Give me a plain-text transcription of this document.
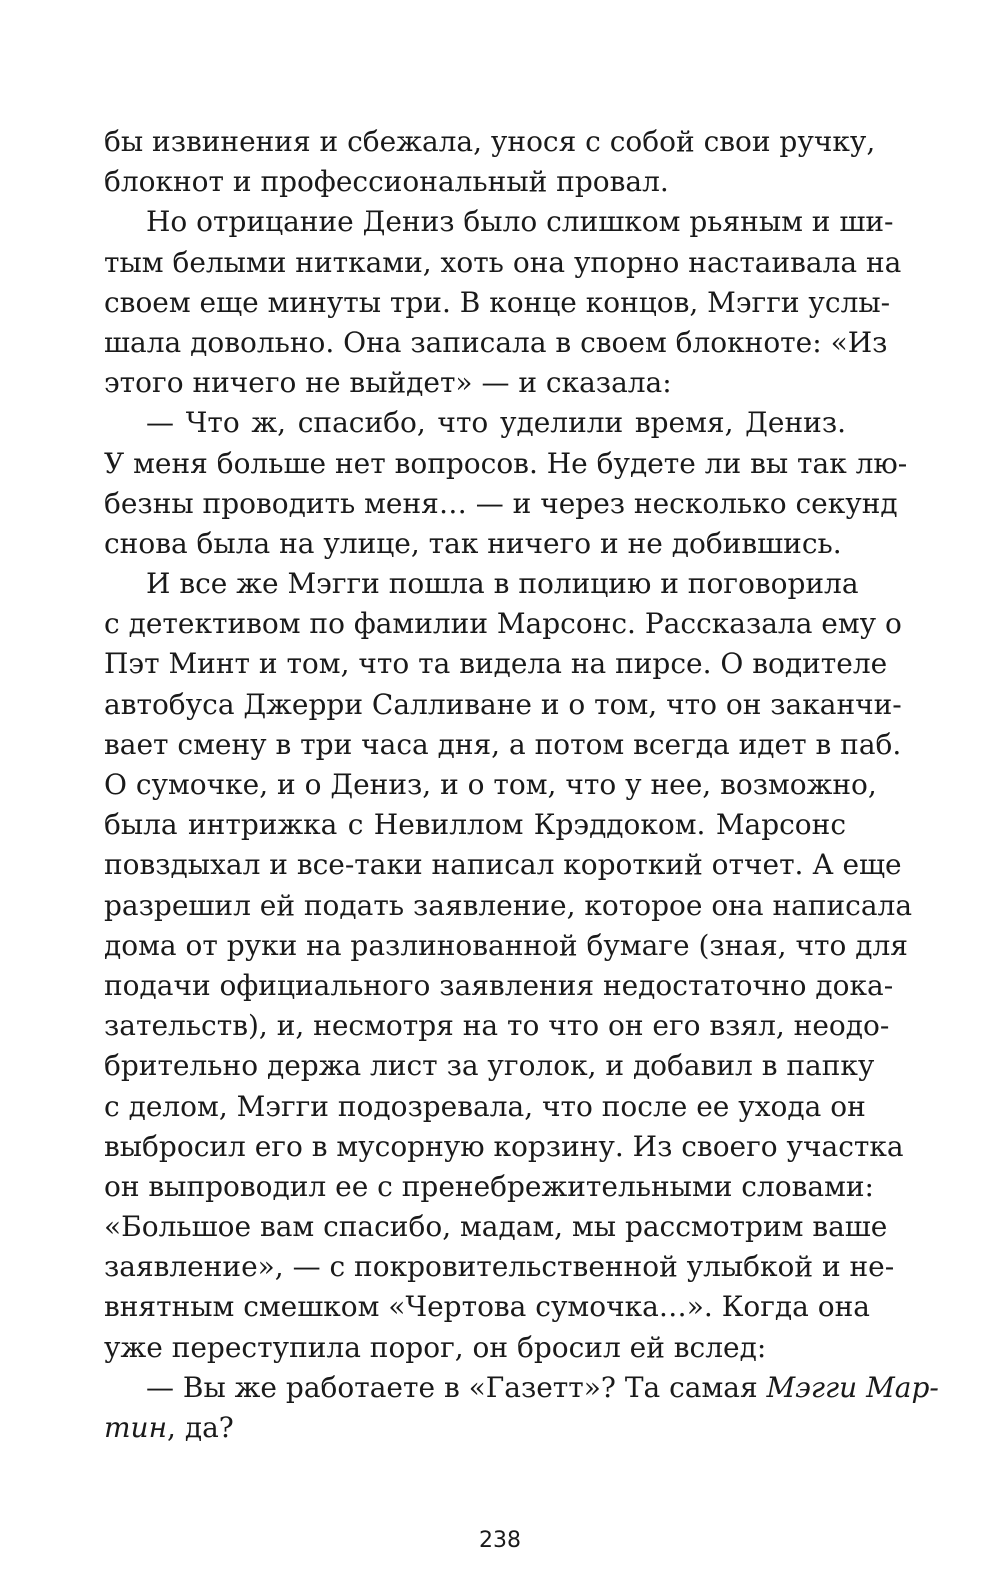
бы извинения и сбежала, унося с собой свои ручку,
блокнот и профессиональный провал.
Но отрицание Дениз было слишком рьяным и ши-
тым белыми нитками, хоть она упорно настаивала на
своем еще минуты три. В конце концов, Мэгги услы-
шала довольно. Она записала в своем блокноте: «Из
этого ничего не выйдет» — и сказала:
— Что ж, спасибо, что уделили время, Дениз.
У меня больше нет вопросов. Не будете ли вы так лю-
безны проводить меня… — и через несколько секунд
снова была на улице, так ничего и не добившись.
И все же Мэгги пошла в полицию и поговорила
с детективом по фамилии Марсонс. Рассказала ему о
Пэт Минт и том, что та видела на пирсе. О водителе
автобуса Джерри Салливане и о том, что он заканчи-
вает смену в три часа дня, а потом всегда идет в паб.
О сумочке, и о Дениз, и о том, что у нее, возможно,
была интрижка с Невиллом Крэддоком. Марсонс
повздыхал и все-таки написал короткий отчет. А еще
разрешил ей подать заявление, которое она написала
дома от руки на разлинованной бумаге (зная, что для
подачи официального заявления недостаточно дока-
зательств), и, несмотря на то что он его взял, неодо-
брительно держа лист за уголок, и добавил в папку
с делом, Мэгги подозревала, что после ее ухода он
выбросил его в мусорную корзину. Из своего участка
он выпроводил ее с пренебрежительными словами:
«Большое вам спасибо, мадам, мы рассмотрим ваше
заявление», — с покровительственной улыбкой и не-
внятным смешком «Чертова сумочка…». Когда она
уже переступила порог, он бросил ей вслед:
— Вы же работаете в «Газетт»? Та самая Мэгги Мар-
тин, да?
238
